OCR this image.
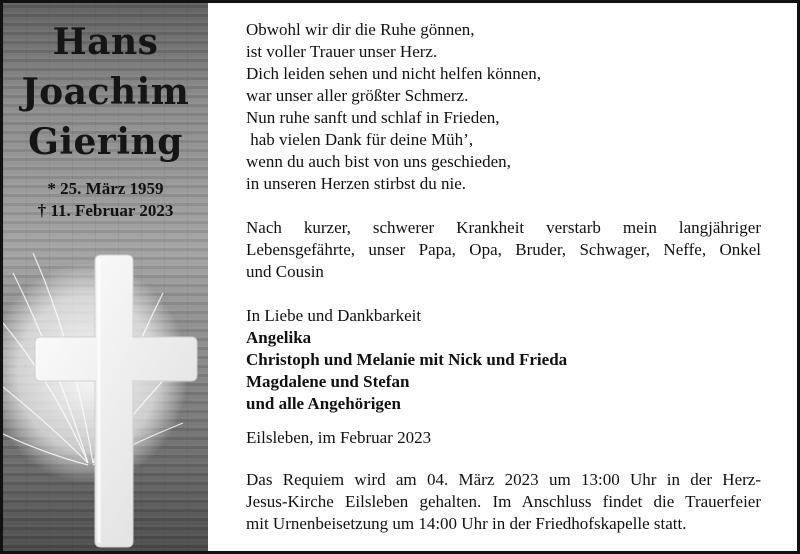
Hans
Joachim
Giering
* 25. März 1959
† 11. Februar 2023
Obwohl wir dir die Ruhe gönnen,
ist voller Trauer unser Herz.
Dich leiden sehen und nicht helfen können,
war unser aller größter Schmerz.
Nun ruhe sanft und schlaf in Frieden,
hab vielen Dank für deine Müh’,
wenn du auch bist von uns geschieden,
in unseren Herzen stirbst du nie.
Nach kurzer, schwerer Krankheit verstarb mein langjähriger
Lebensgefährte, unser Papa, Opa, Bruder, Schwager, Neffe, Onkel
und Cousin
In Liebe und Dankbarkeit
Angelika
Christoph und Melanie mit Nick und Frieda
Magdalene und Stefan
und alle Angehörigen
Eilsleben, im Februar 2023
Das Requiem wird am 04. März 2023 um 13:00 Uhr in der Herz-
Jesus-Kirche Eilsleben gehalten. Im Anschluss findet die Trauerfeier
mit Urnenbeisetzung um 14:00 Uhr in der Friedhofskapelle statt.
